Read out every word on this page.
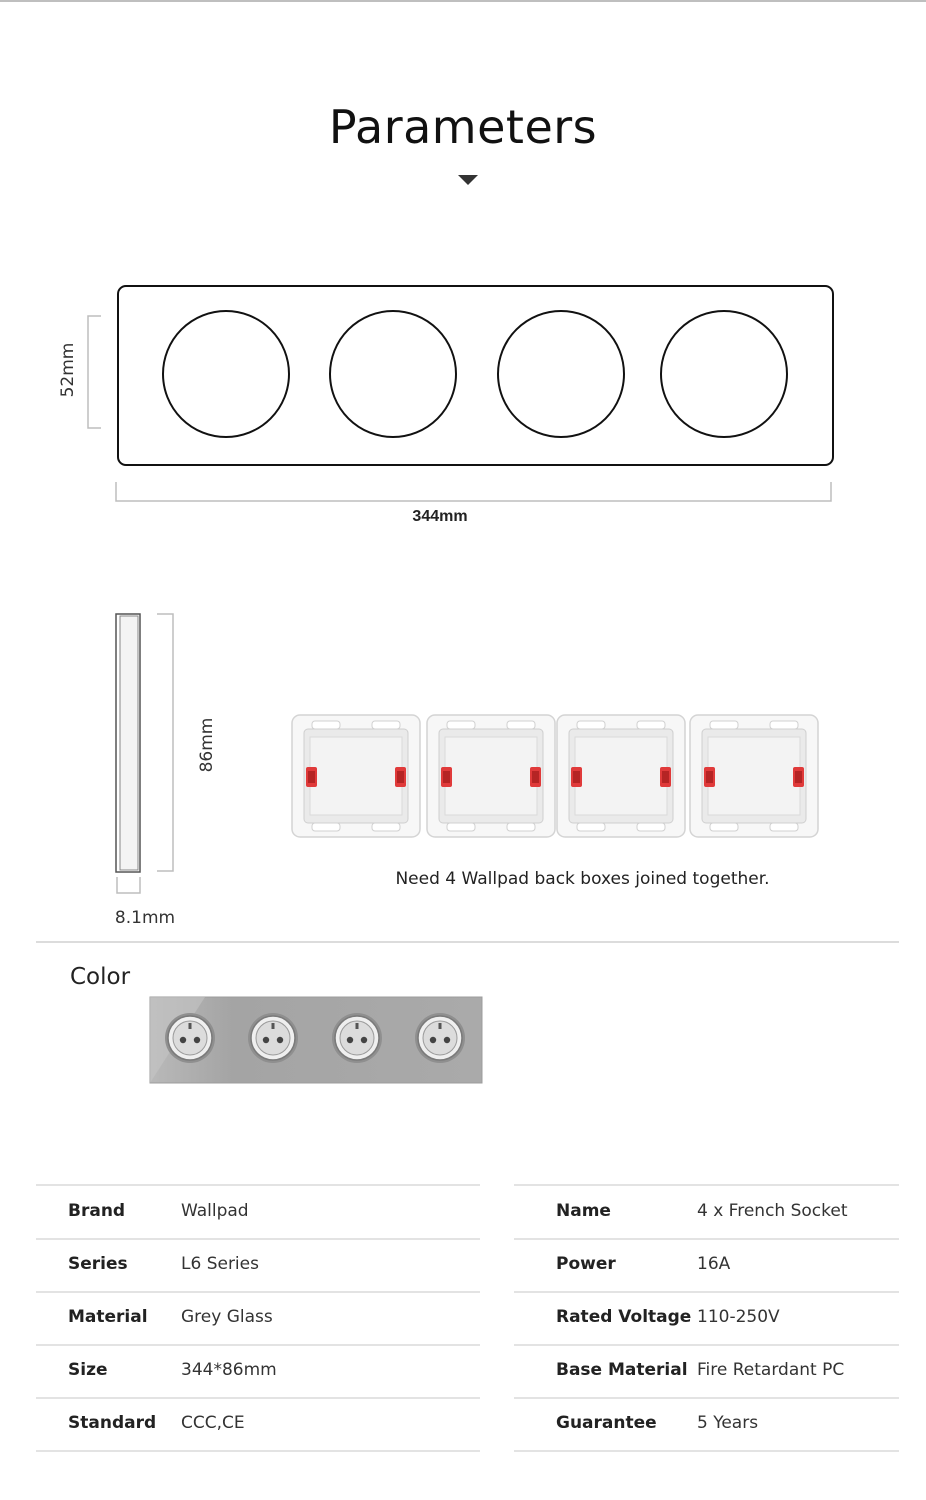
Parameters
52mm
344mm
86mm
8.1mm
Need 4 Wallpad back boxes joined together.
Color
Brand	Wallpad
Series	L6 Series
Material Grey Glass
Size	344*86mm
Standard CCC,CE
Name	4 x French Socket
Power	16A
Rated Voltage 110-250V
Base Material Fire Retardant PC
Guarantee 5 Years
